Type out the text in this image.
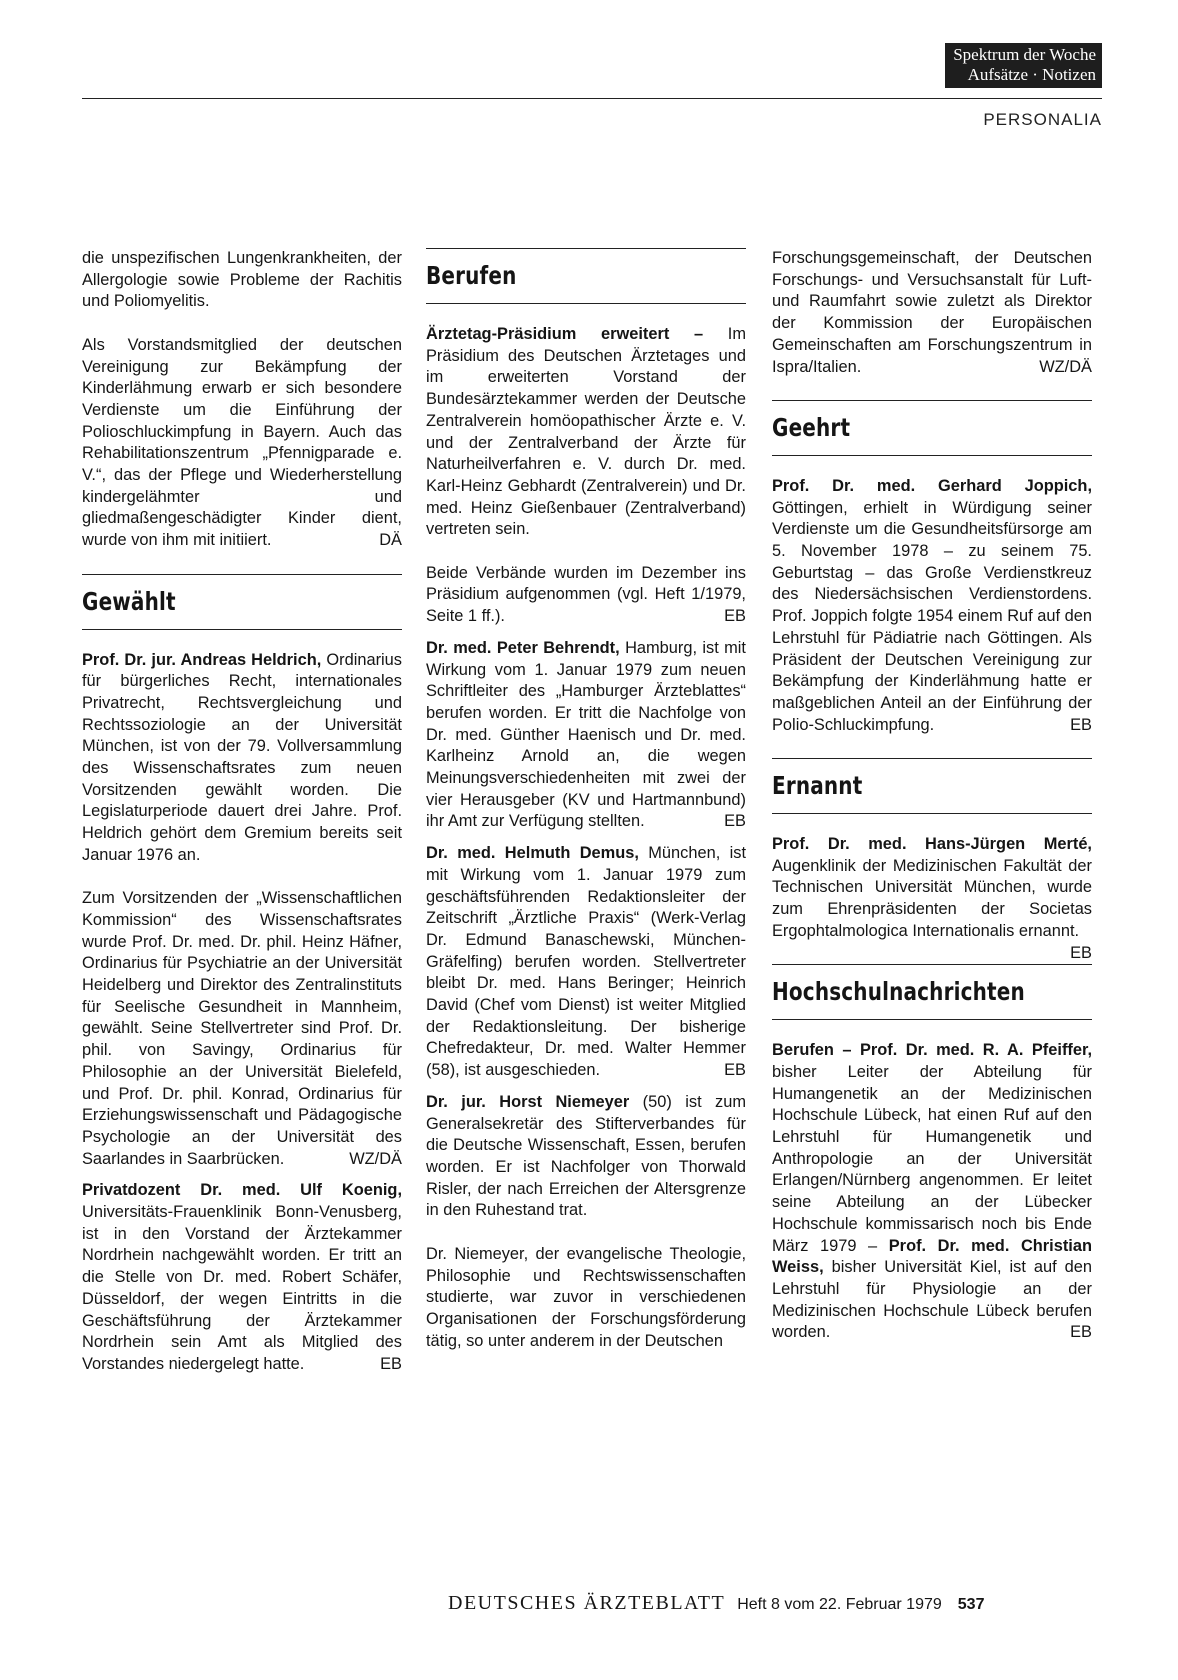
Spektrum der Woche
Aufsätze · Notizen
PERSONALIA

die unspezifischen Lungenkrankheiten, der Allergologie sowie Probleme der Rachitis und Poliomyelitis.

Als Vorstandsmitglied der deutschen Vereinigung zur Bekämpfung der Kinderlähmung erwarb er sich besondere Verdienste um die Einführung der Polioschluckimpfung in Bayern. Auch das Rehabilitationszentrum „Pfennigparade e. V.“, das der Pflege und Wiederherstellung kindergelähmter und gliedmaßengeschädigter Kinder dient, wurde von ihm mit initiiert.	DÄ

Gewählt

Prof. Dr. jur. Andreas Heldrich, Ordinarius für bürgerliches Recht, internationales Privatrecht, Rechtsvergleichung und Rechtssoziologie an der Universität München, ist von der 79. Vollversammlung des Wissenschaftsrates zum neuen Vorsitzenden gewählt worden. Die Legislaturperiode dauert drei Jahre. Prof. Heldrich gehört dem Gremium bereits seit Januar 1976 an.

Zum Vorsitzenden der „Wissenschaftlichen Kommission“ des Wissenschaftsrates wurde Prof. Dr. med. Dr. phil. Heinz Häfner, Ordinarius für Psychiatrie an der Universität Heidelberg und Direktor des Zentralinstituts für Seelische Gesundheit in Mannheim, gewählt. Seine Stellvertreter sind Prof. Dr. phil. von Savingy, Ordinarius für Philosophie an der Universität Bielefeld, und Prof. Dr. phil. Konrad, Ordinarius für Erziehungswissenschaft und Pädagogische Psychologie an der Universität des Saarlandes in Saarbrücken.	WZ/DÄ

Privatdozent Dr. med. Ulf Koenig, Universitäts-Frauenklinik Bonn-Venusberg, ist in den Vorstand der Ärztekammer Nordrhein nachgewählt worden. Er tritt an die Stelle von Dr. med. Robert Schäfer, Düsseldorf, der wegen Eintritts in die Geschäftsführung der Ärztekammer Nordrhein sein Amt als Mitglied des Vorstandes niedergelegt hatte.	EB

Berufen

Ärztetag-Präsidium erweitert – Im Präsidium des Deutschen Ärztetages und im erweiterten Vorstand der Bundesärztekammer werden der Deutsche Zentralverein homöopathischer Ärzte e. V. und der Zentralverband der Ärzte für Naturheilverfahren e. V. durch Dr. med. Karl-Heinz Gebhardt (Zentralverein) und Dr. med. Heinz Gießenbauer (Zentralverband) vertreten sein.

Beide Verbände wurden im Dezember ins Präsidium aufgenommen (vgl. Heft 1/1979, Seite 1 ff.).	EB

Dr. med. Peter Behrendt, Hamburg, ist mit Wirkung vom 1. Januar 1979 zum neuen Schriftleiter des „Hamburger Ärzteblattes“ berufen worden. Er tritt die Nachfolge von Dr. med. Günther Haenisch und Dr. med. Karlheinz Arnold an, die wegen Meinungsverschiedenheiten mit zwei der vier Herausgeber (KV und Hartmannbund) ihr Amt zur Verfügung stellten.	EB

Dr. med. Helmuth Demus, München, ist mit Wirkung vom 1. Januar 1979 zum geschäftsführenden Redaktionsleiter der Zeitschrift „Ärztliche Praxis“ (Werk-Verlag Dr. Edmund Banaschewski, München-Gräfelfing) berufen worden. Stellvertreter bleibt Dr. med. Hans Beringer; Heinrich David (Chef vom Dienst) ist weiter Mitglied der Redaktionsleitung. Der bisherige Chefredakteur, Dr. med. Walter Hemmer (58), ist ausgeschieden.	EB

Dr. jur. Horst Niemeyer (50) ist zum Generalsekretär des Stifterverbandes für die Deutsche Wissenschaft, Essen, berufen worden. Er ist Nachfolger von Thorwald Risler, der nach Erreichen der Altersgrenze in den Ruhestand trat.

Dr. Niemeyer, der evangelische Theologie, Philosophie und Rechtswissenschaften studierte, war zuvor in verschiedenen Organisationen der Forschungsförderung tätig, so unter anderem in der Deutschen

Forschungsgemeinschaft, der Deutschen Forschungs- und Versuchsanstalt für Luft- und Raumfahrt sowie zuletzt als Direktor der Kommission der Europäischen Gemeinschaften am Forschungszentrum in Ispra/Italien.	WZ/DÄ

Geehrt

Prof. Dr. med. Gerhard Joppich, Göttingen, erhielt in Würdigung seiner Verdienste um die Gesundheitsfürsorge am 5. November 1978 – zu seinem 75. Geburtstag – das Große Verdienstkreuz des Niedersächsischen Verdienstordens. Prof. Joppich folgte 1954 einem Ruf auf den Lehrstuhl für Pädiatrie nach Göttingen. Als Präsident der Deutschen Vereinigung zur Bekämpfung der Kinderlähmung hatte er maßgeblichen Anteil an der Einführung der Polio-Schluckimpfung.	EB

Ernannt

Prof. Dr. med. Hans-Jürgen Merté, Augenklinik der Medizinischen Fakultät der Technischen Universität München, wurde zum Ehrenpräsidenten der Societas Ergophtalmologica Internationalis ernannt.
EB

Hochschulnachrichten

Berufen – Prof. Dr. med. R. A. Pfeiffer, bisher Leiter der Abteilung für Humangenetik an der Medizinischen Hochschule Lübeck, hat einen Ruf auf den Lehrstuhl für Humangenetik und Anthropologie an der Universität Erlangen/Nürnberg angenommen. Er leitet seine Abteilung an der Lübecker Hochschule kommissarisch noch bis Ende März 1979 – Prof. Dr. med. Christian Weiss, bisher Universität Kiel, ist auf den Lehrstuhl für Physiologie an der Medizinischen Hochschule Lübeck berufen worden.	EB

DEUTSCHES ÄRZTEBLATT Heft 8 vom 22. Februar 1979 537
